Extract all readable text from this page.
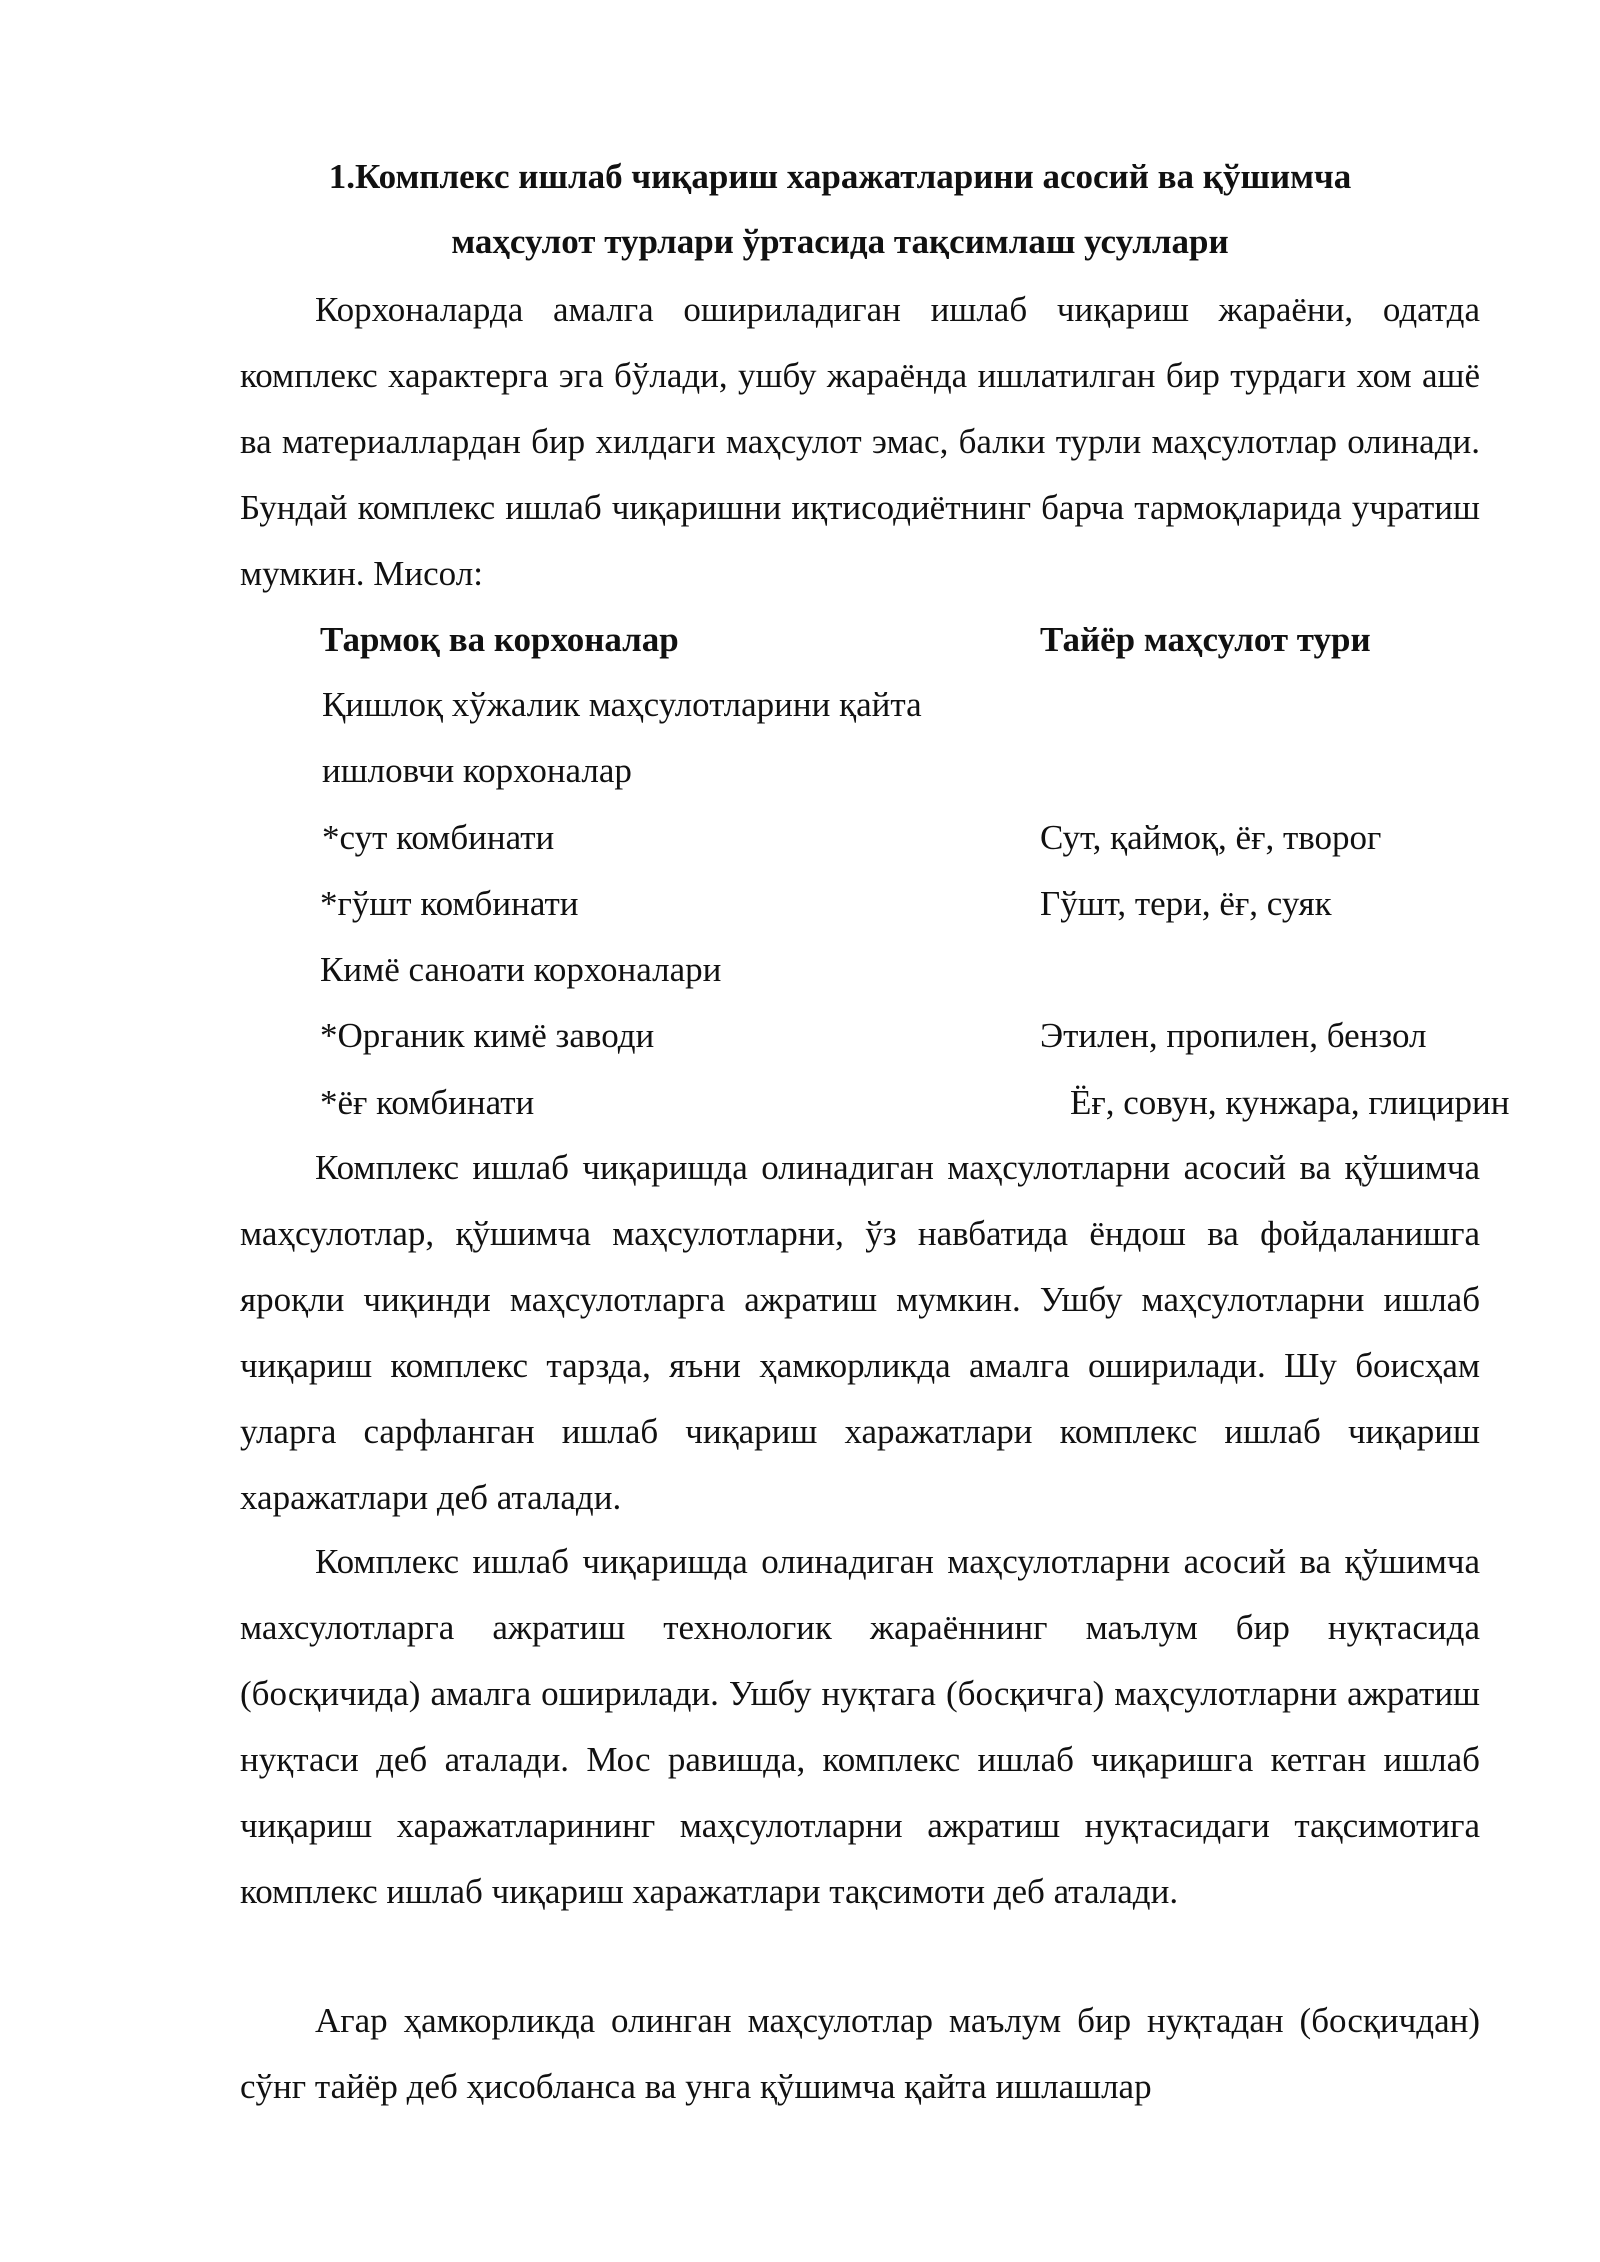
1.Комплекс ишлаб чиқариш харажатларини асосий ва қўшимча
маҳсулот турлари ўртасида тақсимлаш усуллари
Корхоналарда амалга ошириладиган ишлаб чиқариш жараёни, одатда комплекс характерга эга бўлади, ушбу жараёнда ишлатилган бир турдаги хом ашё ва материаллардан бир хилдаги маҳсулот эмас, балки турли маҳсулотлар олинади. Бундай комплекс ишлаб чиқаришни иқтисодиётнинг барча тармоқларида учратиш мумкин. Мисол:
Тармоқ ва корхоналар	Тайёр маҳсулот тури
Қишлоқ хўжалик маҳсулотларини қайта
ишловчи корхоналар
*сут комбинати	Сут, қаймоқ, ёғ, творог
*гўшт комбинати	Гўшт, тери, ёғ, суяк
Кимё саноати корхоналари
*Органик кимё заводи	Этилен, пропилен, бензол
*ёғ комбинати	Ёғ, совун, кунжара, глицирин
Комплекс ишлаб чиқаришда олинадиган маҳсулотларни асосий ва қўшимча маҳсулотлар, қўшимча маҳсулотларни, ўз навбатида ёндош ва фойдаланишга яроқли чиқинди маҳсулотларга ажратиш мумкин. Ушбу маҳсулотларни ишлаб чиқариш комплекс тарзда, яъни ҳамкорликда амалга оширилади. Шу боисҳам уларга сарфланган ишлаб чиқариш харажатлари комплекс ишлаб чиқариш харажатлари деб аталади.
Комплекс ишлаб чиқаришда олинадиган маҳсулотларни асосий ва қўшимча махсулотларга ажратиш технологик жараённинг маълум бир нуқтасида (босқичида) амалга оширилади. Ушбу нуқтага (босқичга) маҳсулотларни ажратиш нуқтаси деб аталади. Мос равишда, комплекс ишлаб чиқаришга кетган ишлаб чиқариш харажатларининг маҳсулотларни ажратиш нуқтасидаги тақсимотига комплекс ишлаб чиқариш харажатлари тақсимоти деб аталади.
Агар ҳамкорликда олинган маҳсулотлар маълум бир нуқтадан (босқичдан) сўнг тайёр деб ҳисобланса ва унга қўшимча қайта ишлашлар
